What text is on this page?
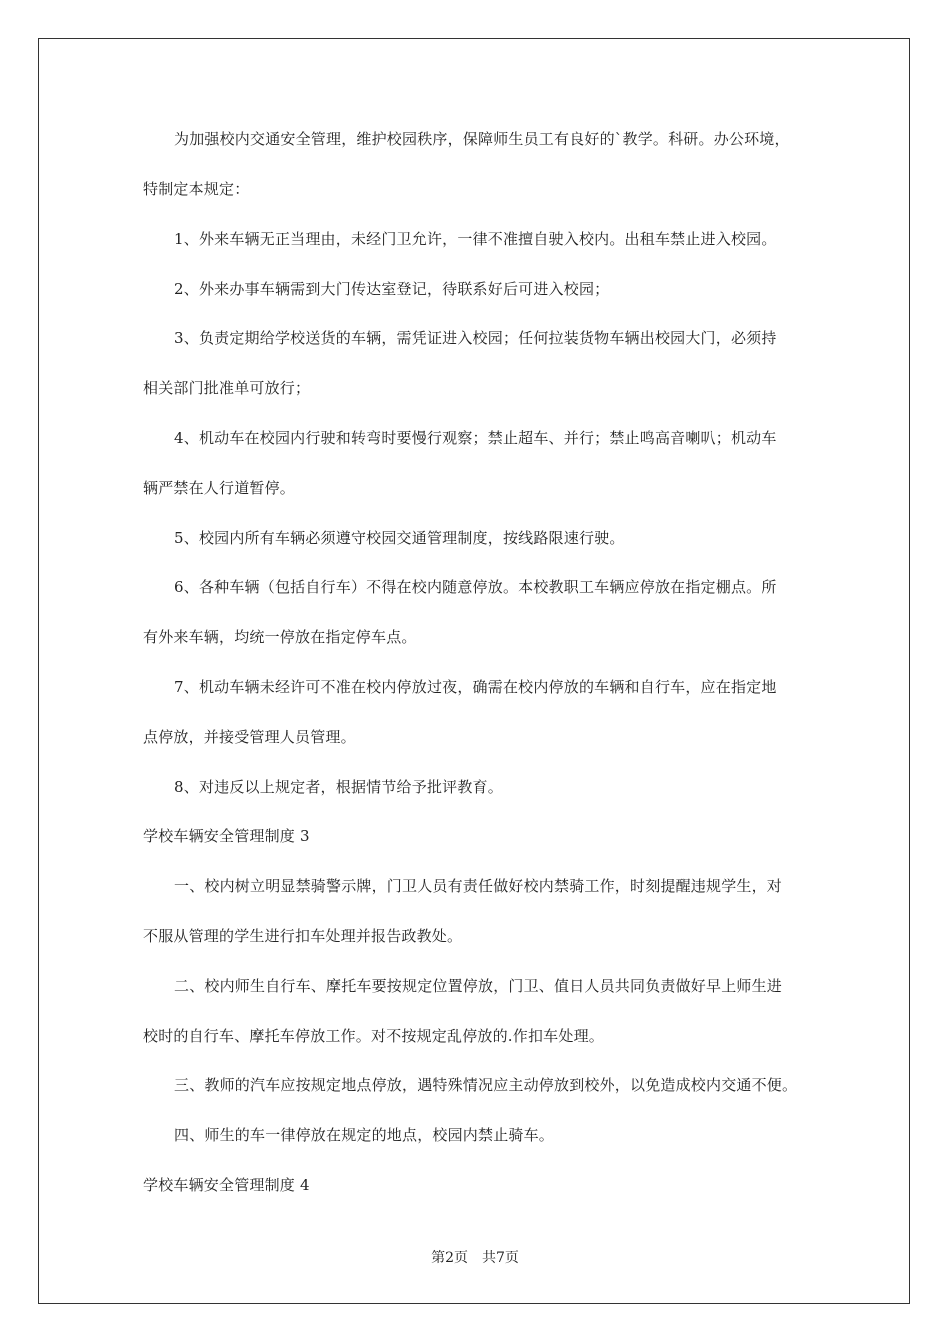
为加强校内交通安全管理，维护校园秩序，保障师生员工有良好的`教学。科研。办公环境，
特制定本规定：
1、外来车辆无正当理由，未经门卫允许，一律不准擅自驶入校内。出租车禁止进入校园。
2、外来办事车辆需到大门传达室登记，待联系好后可进入校园；
3、负责定期给学校送货的车辆，需凭证进入校园；任何拉装货物车辆出校园大门，必须持
相关部门批准单可放行；
4、机动车在校园内行驶和转弯时要慢行观察；禁止超车、并行；禁止鸣高音喇叭；机动车
辆严禁在人行道暂停。
5、校园内所有车辆必须遵守校园交通管理制度，按线路限速行驶。
6、各种车辆（包括自行车）不得在校内随意停放。本校教职工车辆应停放在指定棚点。所
有外来车辆，均统一停放在指定停车点。
7、机动车辆未经许可不准在校内停放过夜，确需在校内停放的车辆和自行车，应在指定地
点停放，并接受管理人员管理。
8、对违反以上规定者，根据情节给予批评教育。
学校车辆安全管理制度 3
一、校内树立明显禁骑警示牌，门卫人员有责任做好校内禁骑工作，时刻提醒违规学生，对
不服从管理的学生进行扣车处理并报告政教处。
二、校内师生自行车、摩托车要按规定位置停放，门卫、值日人员共同负责做好早上师生进
校时的自行车、摩托车停放工作。对不按规定乱停放的.作扣车处理。
三、教师的汽车应按规定地点停放，遇特殊情况应主动停放到校外，以免造成校内交通不便。
四、师生的车一律停放在规定的地点，校园内禁止骑车。
学校车辆安全管理制度 4
第2页　共7页
